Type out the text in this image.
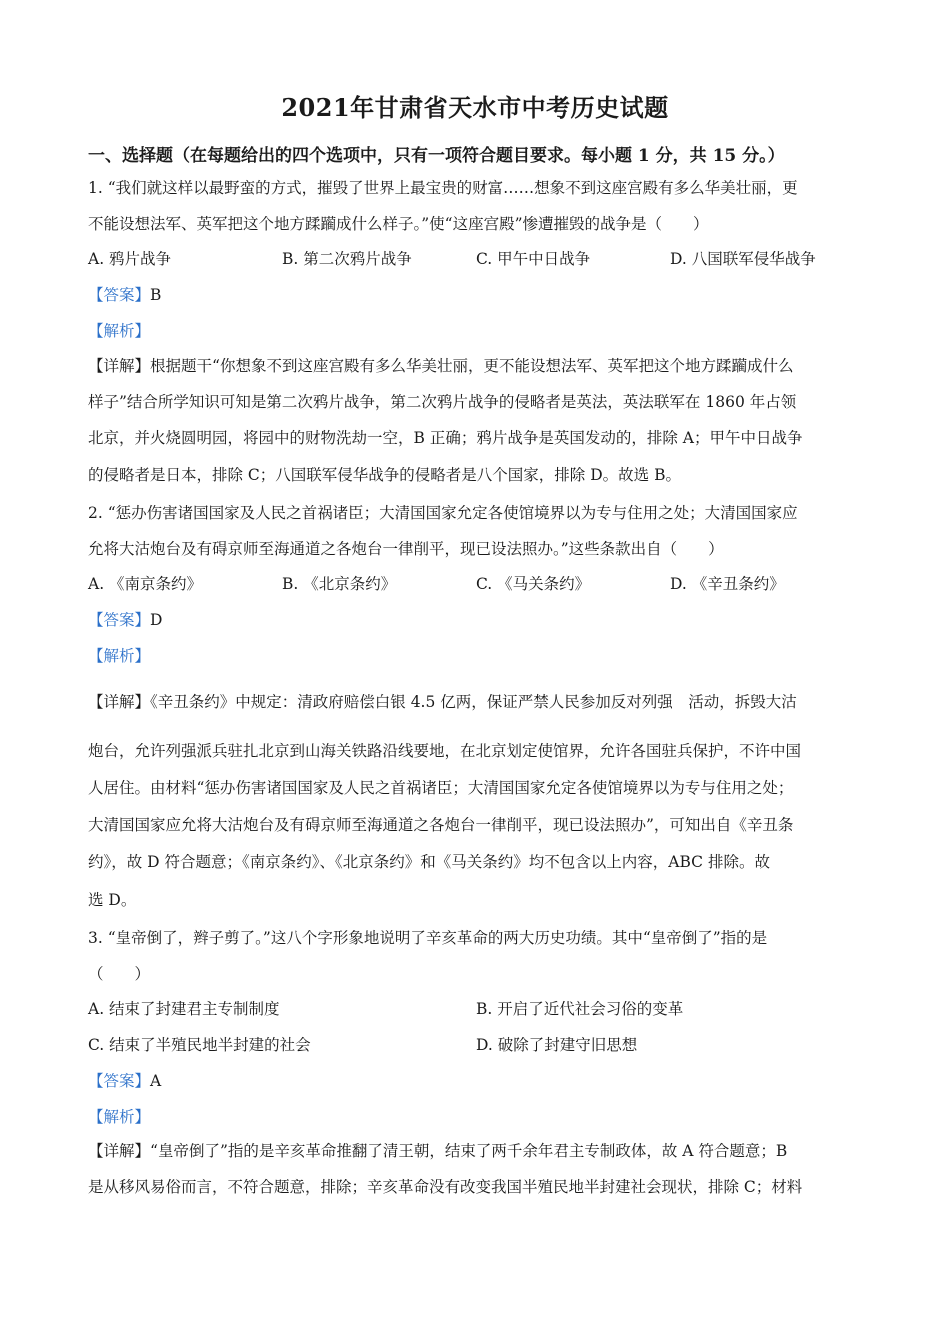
2021年甘肃省天水市中考历史试题
一、选择题（在每题给出的四个选项中，只有一项符合题目要求。每小题 1 分，共 15 分。）
1. “我们就这样以最野蛮的方式，摧毁了世界上最宝贵的财富……想象不到这座宫殿有多么华美壮丽，更
不能设想法军、英军把这个地方蹂躏成什么样子。”使“这座宫殿”惨遭摧毁的战争是（　　）
A. 鸦片战争	B. 第二次鸦片战争	C. 甲午中日战争	D. 八国联军侵华战争
【答案】B
【解析】
【详解】根据题干“你想象不到这座宫殿有多么华美壮丽，更不能设想法军、英军把这个地方蹂躏成什么
样子”结合所学知识可知是第二次鸦片战争，第二次鸦片战争的侵略者是英法，英法联军在 1860 年占领
北京，并火烧圆明园，将园中的财物洗劫一空，B 正确；鸦片战争是英国发动的，排除 A；甲午中日战争
的侵略者是日本，排除 C；八国联军侵华战争的侵略者是八个国家，排除 D。故选 B。
2. “惩办伤害诸国国家及人民之首祸诸臣；大清国国家允定各使馆境界以为专与住用之处；大清国国家应
允将大沽炮台及有碍京师至海通道之各炮台一律削平，现已设法照办。”这些条款出自（　　）
A. 《南京条约》	B. 《北京条约》	C. 《马关条约》	D. 《辛丑条约》
【答案】D
【解析】
【详解】《辛丑条约》中规定：清政府赔偿白银 4.5 亿两，保证严禁人民参加反对列强　活动，拆毁大沽
炮台，允许列强派兵驻扎北京到山海关铁路沿线要地，在北京划定使馆界，允许各国驻兵保护，不许中国
人居住。由材料“惩办伤害诸国国家及人民之首祸诸臣；大清国国家允定各使馆境界以为专与住用之处；
大清国国家应允将大沽炮台及有碍京师至海通道之各炮台一律削平，现已设法照办”，可知出自《辛丑条
约》，故 D 符合题意；《南京条约》、《北京条约》和《马关条约》均不包含以上内容，ABC 排除。故
选 D。
3. “皇帝倒了，辫子剪了。”这八个字形象地说明了辛亥革命的两大历史功绩。其中“皇帝倒了”指的是
（　　）
A. 结束了封建君主专制制度	B. 开启了近代社会习俗的变革
C. 结束了半殖民地半封建的社会	D. 破除了封建守旧思想
【答案】A
【解析】
【详解】“皇帝倒了”指的是辛亥革命推翻了清王朝，结束了两千余年君主专制政体，故 A 符合题意；B
是从移风易俗而言，不符合题意，排除；辛亥革命没有改变我国半殖民地半封建社会现状，排除 C；材料
